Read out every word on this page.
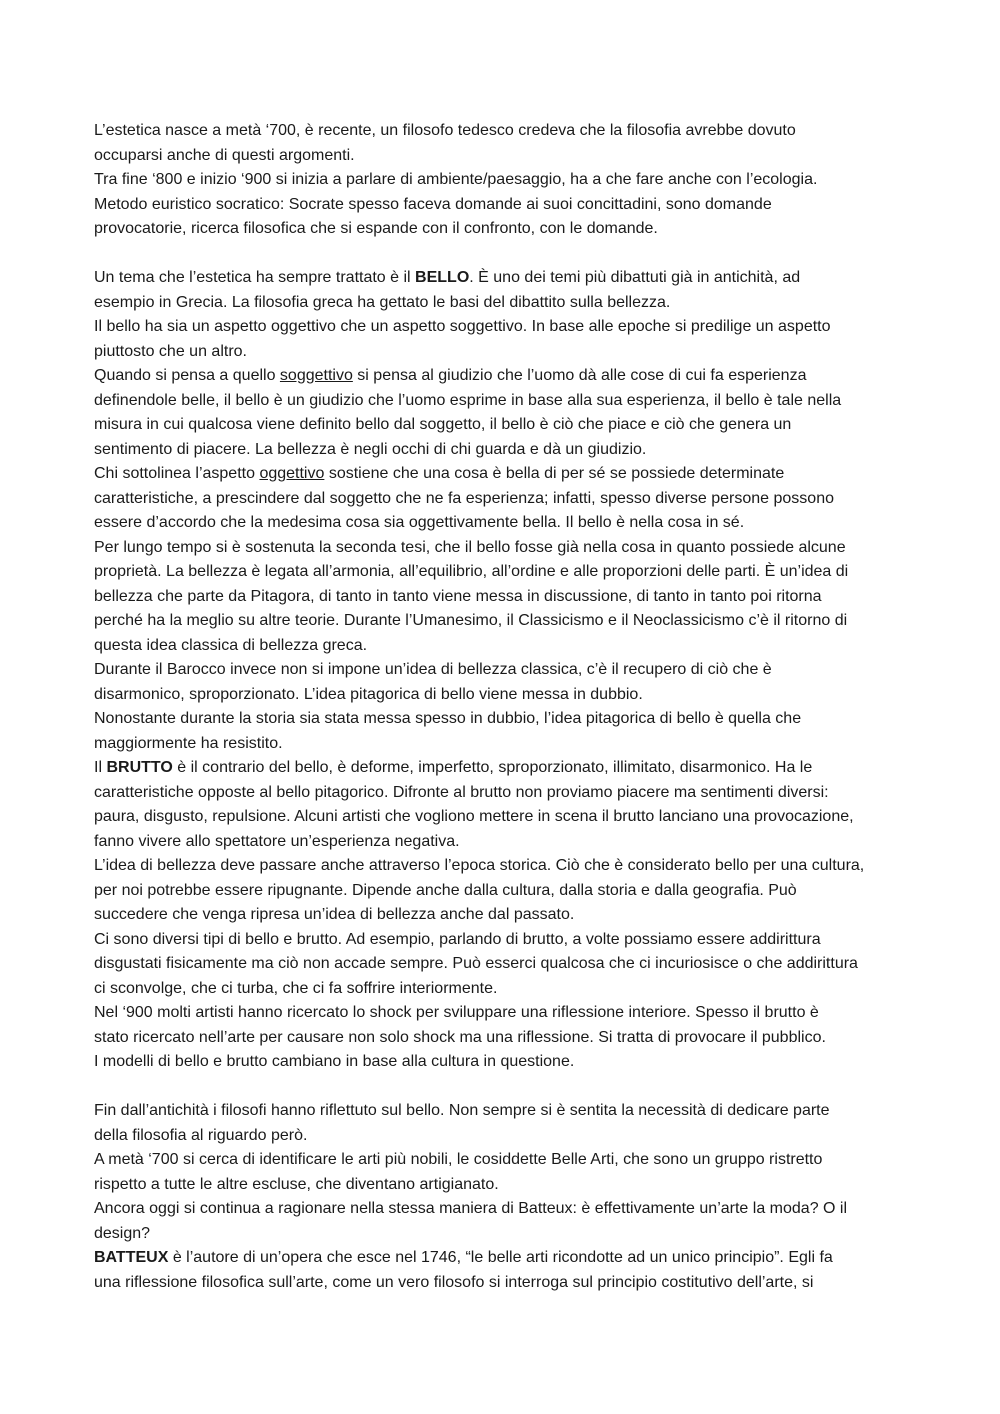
L’estetica nasce a metà ‘700, è recente, un filosofo tedesco credeva che la filosofia avrebbe dovuto
occuparsi anche di questi argomenti.
Tra fine ‘800 e inizio ‘900 si inizia a parlare di ambiente/paesaggio, ha a che fare anche con l’ecologia.
Metodo euristico socratico: Socrate spesso faceva domande ai suoi concittadini, sono domande
provocatorie, ricerca filosofica che si espande con il confronto, con le domande.
Un tema che l’estetica ha sempre trattato è il BELLO. È uno dei temi più dibattuti già in antichità, ad
esempio in Grecia. La filosofia greca ha gettato le basi del dibattito sulla bellezza.
Il bello ha sia un aspetto oggettivo che un aspetto soggettivo. In base alle epoche si predilige un aspetto
piuttosto che un altro.
Quando si pensa a quello soggettivo si pensa al giudizio che l’uomo dà alle cose di cui fa esperienza
definendole belle, il bello è un giudizio che l’uomo esprime in base alla sua esperienza, il bello è tale nella
misura in cui qualcosa viene definito bello dal soggetto, il bello è ciò che piace e ciò che genera un
sentimento di piacere. La bellezza è negli occhi di chi guarda e dà un giudizio.
Chi sottolinea l’aspetto oggettivo sostiene che una cosa è bella di per sé se possiede determinate
caratteristiche, a prescindere dal soggetto che ne fa esperienza; infatti, spesso diverse persone possono
essere d’accordo che la medesima cosa sia oggettivamente bella. Il bello è nella cosa in sé.
Per lungo tempo si è sostenuta la seconda tesi, che il bello fosse già nella cosa in quanto possiede alcune
proprietà. La bellezza è legata all’armonia, all’equilibrio, all’ordine e alle proporzioni delle parti. È un’idea di
bellezza che parte da Pitagora, di tanto in tanto viene messa in discussione, di tanto in tanto poi ritorna
perché ha la meglio su altre teorie. Durante l’Umanesimo, il Classicismo e il Neoclassicismo c’è il ritorno di
questa idea classica di bellezza greca.
Durante il Barocco invece non si impone un’idea di bellezza classica, c’è il recupero di ciò che è
disarmonico, sproporzionato. L’idea pitagorica di bello viene messa in dubbio.
Nonostante durante la storia sia stata messa spesso in dubbio, l’idea pitagorica di bello è quella che
maggiormente ha resistito.
Il BRUTTO è il contrario del bello, è deforme, imperfetto, sproporzionato, illimitato, disarmonico. Ha le
caratteristiche opposte al bello pitagorico. Difronte al brutto non proviamo piacere ma sentimenti diversi:
paura, disgusto, repulsione. Alcuni artisti che vogliono mettere in scena il brutto lanciano una provocazione,
fanno vivere allo spettatore un’esperienza negativa.
L’idea di bellezza deve passare anche attraverso l’epoca storica. Ciò che è considerato bello per una cultura,
per noi potrebbe essere ripugnante. Dipende anche dalla cultura, dalla storia e dalla geografia. Può
succedere che venga ripresa un’idea di bellezza anche dal passato.
Ci sono diversi tipi di bello e brutto. Ad esempio, parlando di brutto, a volte possiamo essere addirittura
disgustati fisicamente ma ciò non accade sempre. Può esserci qualcosa che ci incuriosisce o che addirittura
ci sconvolge, che ci turba, che ci fa soffrire interiormente.
Nel ‘900 molti artisti hanno ricercato lo shock per sviluppare una riflessione interiore. Spesso il brutto è
stato ricercato nell’arte per causare non solo shock ma una riflessione. Si tratta di provocare il pubblico.
I modelli di bello e brutto cambiano in base alla cultura in questione.
Fin dall’antichità i filosofi hanno riflettuto sul bello. Non sempre si è sentita la necessità di dedicare parte
della filosofia al riguardo però.
A metà ‘700 si cerca di identificare le arti più nobili, le cosiddette Belle Arti, che sono un gruppo ristretto
rispetto a tutte le altre escluse, che diventano artigianato.
Ancora oggi si continua a ragionare nella stessa maniera di Batteux: è effettivamente un’arte la moda? O il
design?
BATTEUX è l’autore di un’opera che esce nel 1746, “le belle arti ricondotte ad un unico principio”. Egli fa
una riflessione filosofica sull’arte, come un vero filosofo si interroga sul principio costitutivo dell’arte, si
